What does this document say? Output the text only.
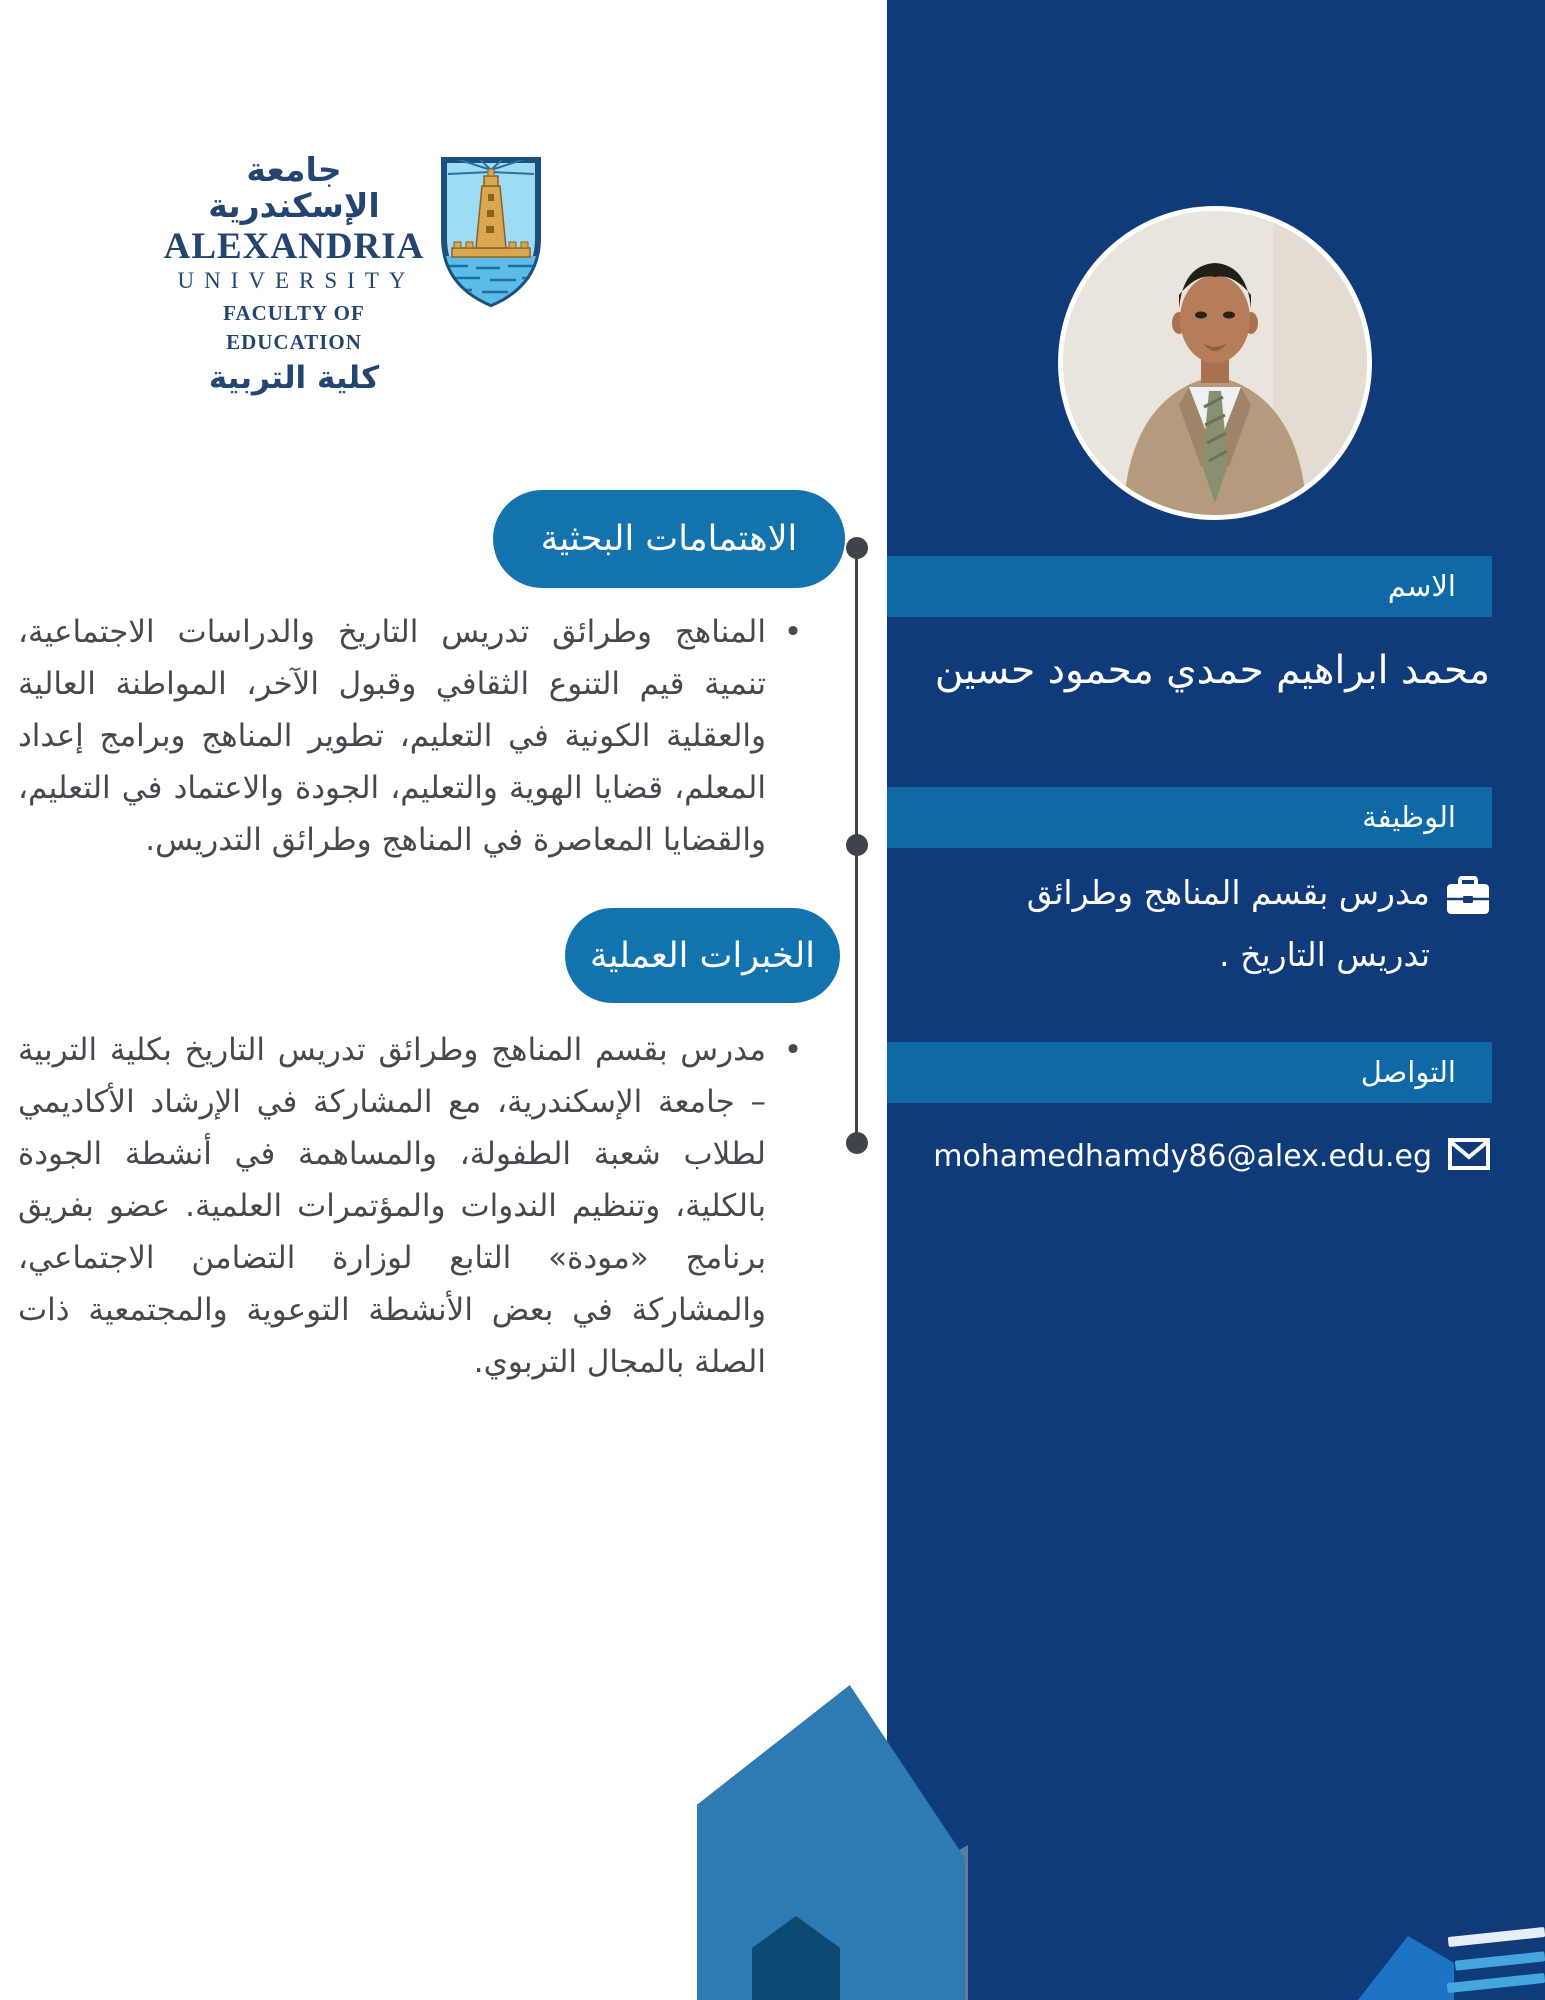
جامعة الإسكندرية
ALEXANDRIA
UNIVERSITY
FACULTY OF EDUCATION
كلية التربية
الاهتمامات البحثية
•
المناهج وطرائق تدريس التاريخ والدراسات الاجتماعية، تنمية قيم التنوع الثقافي وقبول الآخر، المواطنة العالية والعقلية الكونية في التعليم، تطوير المناهج وبرامج إعداد المعلم، قضايا الهوية والتعليم، الجودة والاعتماد في التعليم، والقضايا المعاصرة في المناهج وطرائق التدريس.
الخبرات العملية
•
مدرس بقسم المناهج وطرائق تدريس التاريخ بكلية التربية – جامعة الإسكندرية، مع المشاركة في الإرشاد الأكاديمي لطلاب شعبة الطفولة، والمساهمة في أنشطة الجودة بالكلية، وتنظيم الندوات والمؤتمرات العلمية. عضو بفريق برنامج «مودة» التابع لوزارة التضامن الاجتماعي، والمشاركة في بعض الأنشطة التوعوية والمجتمعية ذات الصلة بالمجال التربوي.
الاسم
محمد ابراهيم حمدي محمود حسين
الوظيفة
مدرس بقسم المناهج وطرائق تدريس التاريخ .
التواصل
mohamedhamdy86@alex.edu.eg
